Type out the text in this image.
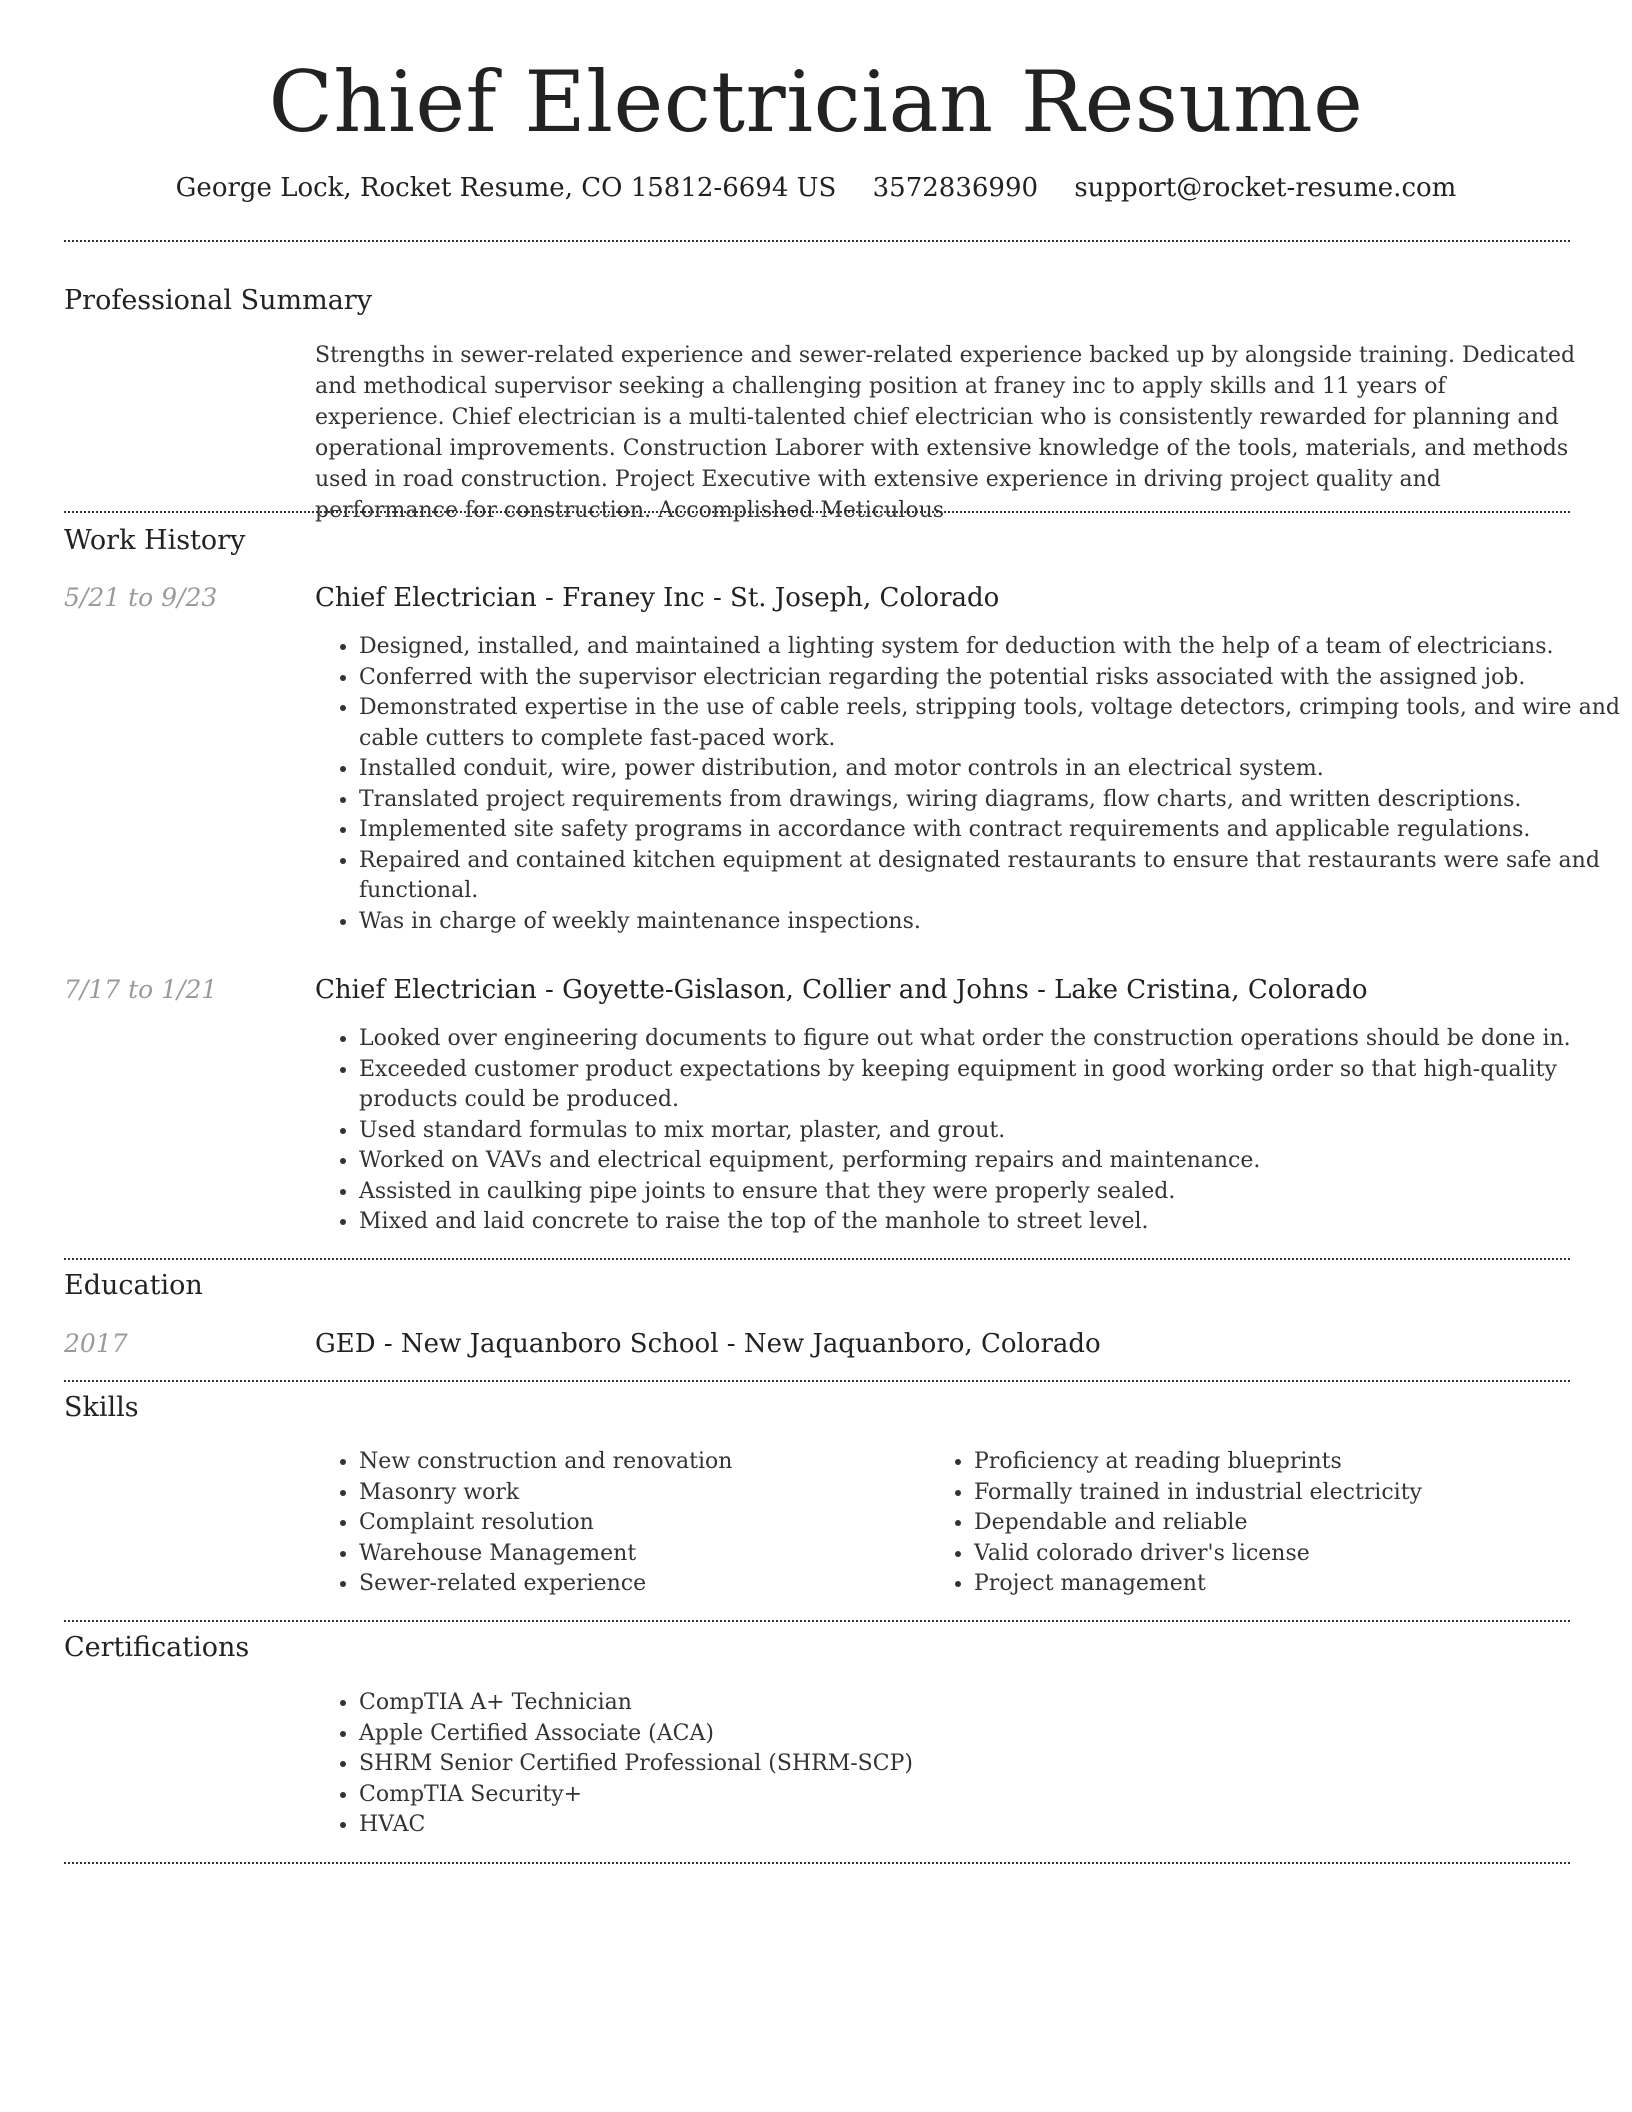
Chief Electrician Resume
George Lock, Rocket Resume, CO 15812-6694 US 3572836990 support@rocket-resume.com
Professional Summary

Strengths in sewer-related experience and sewer-related experience backed up by alongside training. Dedicated and methodical supervisor seeking a challenging position at franey inc to apply skills and 11 years of experience. Chief electrician is a multi-talented chief electrician who is consistently rewarded for planning and operational improvements. Construction Laborer with extensive knowledge of the tools, materials, and methods used in road construction. Project Executive with extensive experience in driving project quality and performance for construction. Accomplished Meticulous

Work History
5/21 to 9/23	Chief Electrician - Franey Inc - St. Joseph, Colorado
• Designed, installed, and maintained a lighting system for deduction with the help of a team of electricians.
• Conferred with the supervisor electrician regarding the potential risks associated with the assigned job.
• Demonstrated expertise in the use of cable reels, stripping tools, voltage detectors, crimping tools, and wire and cable cutters to complete fast-paced work.
• Installed conduit, wire, power distribution, and motor controls in an electrical system.
• Translated project requirements from drawings, wiring diagrams, flow charts, and written descriptions.
• Implemented site safety programs in accordance with contract requirements and applicable regulations.
• Repaired and contained kitchen equipment at designated restaurants to ensure that restaurants were safe and functional.
• Was in charge of weekly maintenance inspections.
7/17 to 1/21	Chief Electrician - Goyette-Gislason, Collier and Johns - Lake Cristina, Colorado
• Looked over engineering documents to figure out what order the construction operations should be done in.
• Exceeded customer product expectations by keeping equipment in good working order so that high-quality products could be produced.
• Used standard formulas to mix mortar, plaster, and grout.
• Worked on VAVs and electrical equipment, performing repairs and maintenance.
• Assisted in caulking pipe joints to ensure that they were properly sealed.
• Mixed and laid concrete to raise the top of the manhole to street level.
Education
2017	GED - New Jaquanboro School - New Jaquanboro, Colorado
Skills
• New construction and renovation
• Masonry work
• Complaint resolution
• Warehouse Management
• Sewer-related experience
• Proficiency at reading blueprints
• Formally trained in industrial electricity
• Dependable and reliable
• Valid colorado driver's license
• Project management
Certifications
• CompTIA A+ Technician
• Apple Certified Associate (ACA)
• SHRM Senior Certified Professional (SHRM-SCP)
• CompTIA Security+
• HVAC
